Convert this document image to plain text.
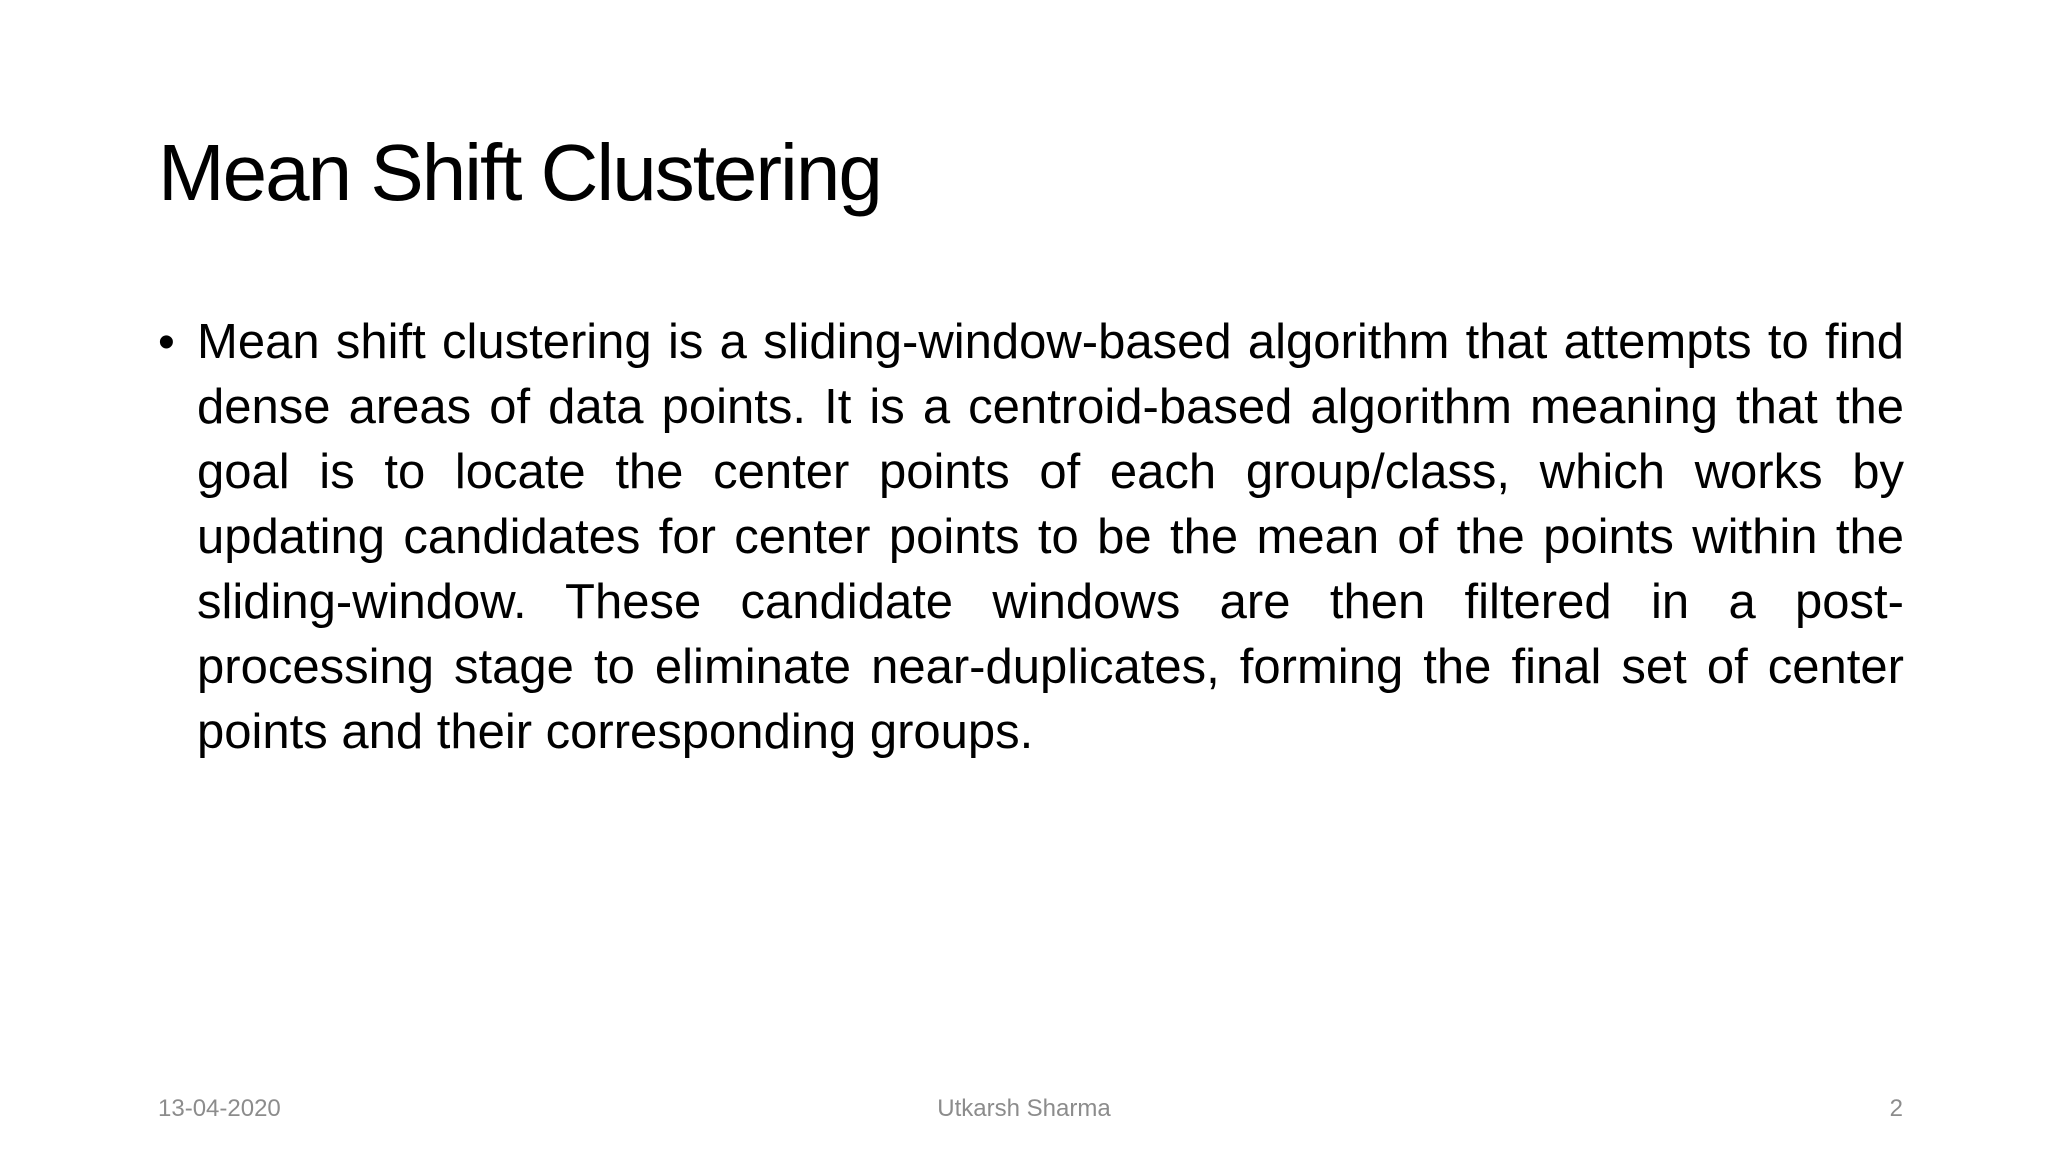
Mean Shift Clustering
• Mean shift clustering is a sliding-window-based algorithm that attempts to find dense areas of data points. It is a centroid-based algorithm meaning that the goal is to locate the center points of each group/class, which works by updating candidates for center points to be the mean of the points within the sliding-window. These candidate windows are then filtered in a post-processing stage to eliminate near-duplicates, forming the final set of center points and their corresponding groups.
13-04-2020	Utkarsh Sharma	2
